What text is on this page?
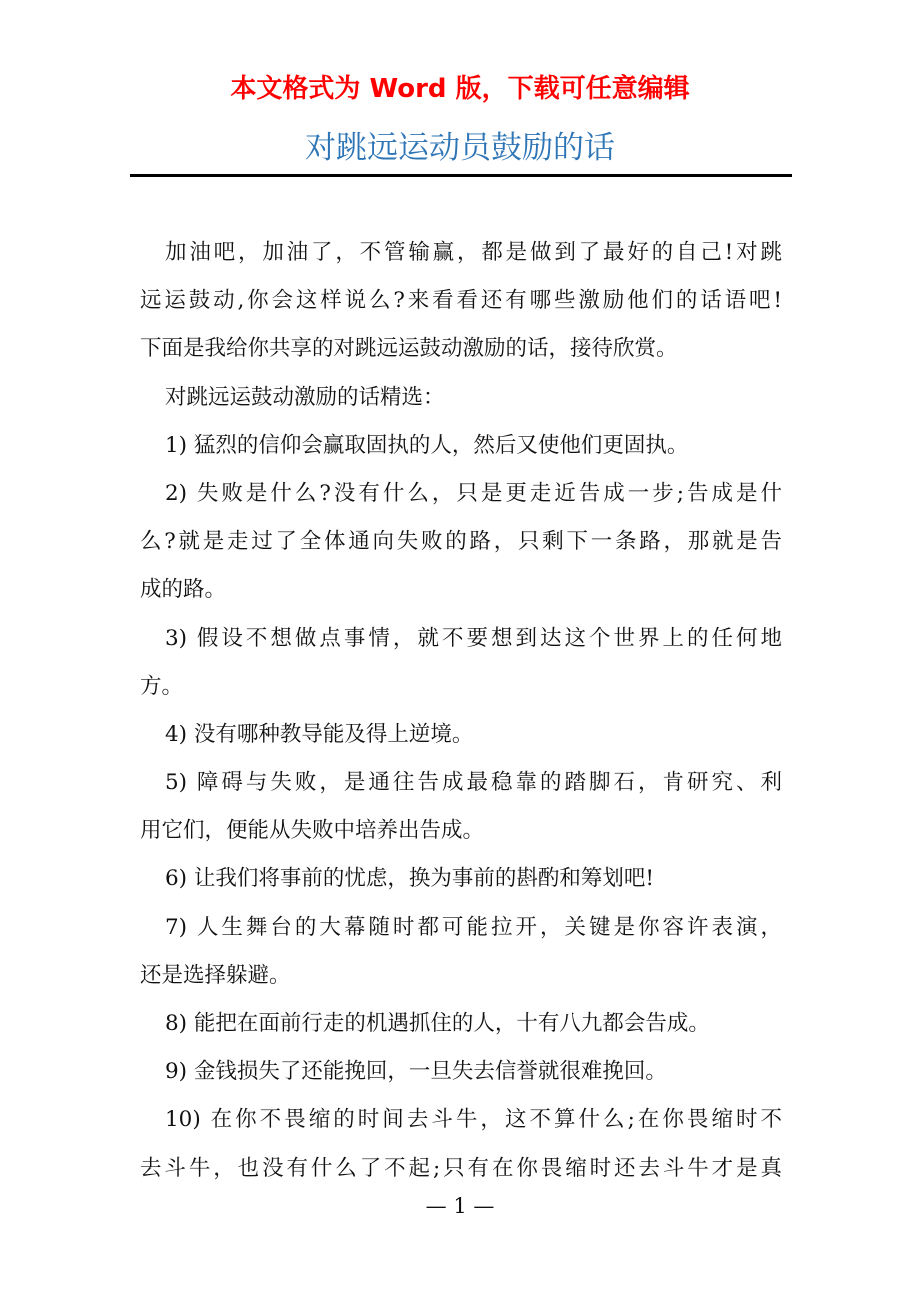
本文格式为 Word 版，下载可任意编辑
对跳远运动员鼓励的话
加油吧，加油了，不管输赢，都是做到了最好的自己!对跳
远运鼓动,你会这样说么?来看看还有哪些激励他们的话语吧!
下面是我给你共享的对跳远运鼓动激励的话，接待欣赏。
对跳远运鼓动激励的话精选：
1) 猛烈的信仰会赢取固执的人，然后又使他们更固执。
2) 失败是什么?没有什么，只是更走近告成一步;告成是什
么?就是走过了全体通向失败的路，只剩下一条路，那就是告
成的路。
3) 假设不想做点事情，就不要想到达这个世界上的任何地
方。
4) 没有哪种教导能及得上逆境。
5) 障碍与失败，是通往告成最稳靠的踏脚石，肯研究、利
用它们，便能从失败中培养出告成。
6) 让我们将事前的忧虑，换为事前的斟酌和筹划吧!
7) 人生舞台的大幕随时都可能拉开，关键是你容许表演，
还是选择躲避。
8) 能把在面前行走的机遇抓住的人，十有八九都会告成。
9) 金钱损失了还能挽回，一旦失去信誉就很难挽回。
10) 在你不畏缩的时间去斗牛，这不算什么;在你畏缩时不
去斗牛，也没有什么了不起;只有在你畏缩时还去斗牛才是真
— 1 —
